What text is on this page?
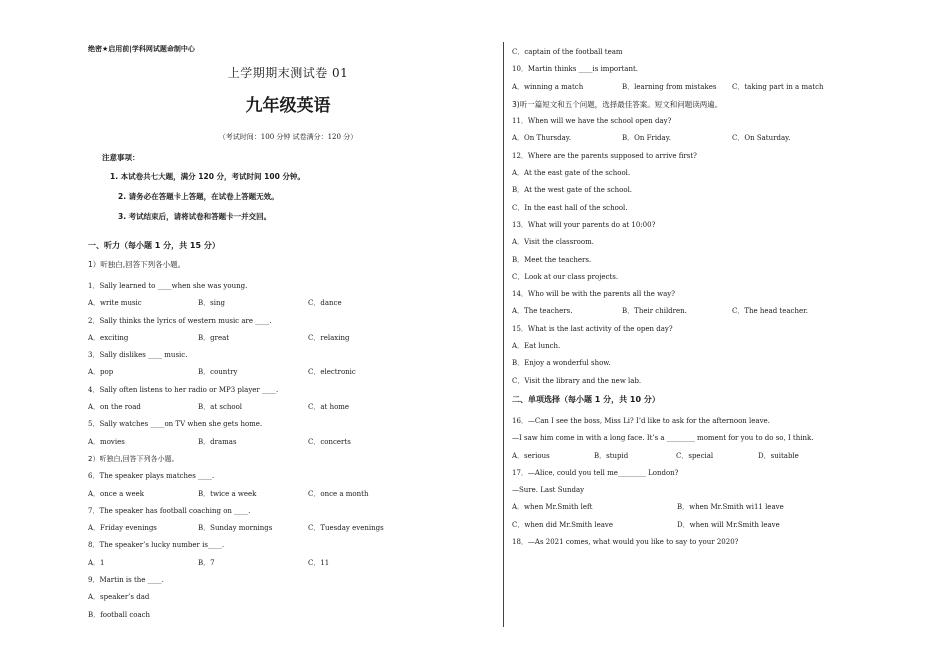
绝密★启用前|学科网试题命制中心
上学期期末测试卷 01
九年级英语
（考试时间：100 分钟 试卷满分：120 分）
注意事项：
1. 本试卷共七大题，满分 120 分，考试时间 100 分钟。
2. 请务必在答题卡上答题，在试卷上答题无效。
3. 考试结束后，请将试卷和答题卡一并交回。
一、听力（每小题 1 分，共 15 分）
1）听独白,回答下列各小题。
1．Sally learned to ____when she was young.
A．write music	B．sing	C．dance
2．Sally thinks the lyrics of western music are ____.
A．exciting	B．great	C．relaxing
3．Sally dislikes ____ music.
A．pop	B．country	C．electronic
4．Sally often listens to her radio or MP3 player ____.
A．on the road	B．at school	C．at home
5．Sally watches ____on TV when she gets home.
A．movies	B．dramas	C．concerts
2）听独白,回答下列各小题。
6．The speaker plays matches ____.
A．once a week	B．twice a week	C．once a month
7．The speaker has football coaching on ____.
A．Friday evenings	B．Sunday mornings	C．Tuesday evenings
8．The speaker’s lucky number is____.
A．1	B．7	C．11
9．Martin is the ____.
A．speaker’s dad
B．football coach
C．captain of the football team
10．Martin thinks ____is important.
A．winning a match	B．learning from mistakes	C．taking part in a match
3)听一篇短文和五个问题，选择最佳答案。短文和问题读两遍。
11．When will we have the school open day?
A．On Thursday.	B．On Friday.	C．On Saturday.
12．Where are the parents supposed to arrive first?
A．At the east gate of the school.
B．At the west gate of the school.
C．In the east hall of the school.
13．What will your parents do at 10:00?
A．Visit the classroom.
B．Meet the teachers.
C．Look at our class projects.
14．Who will be with the parents all the way?
A．The teachers.	B．Their children.	C．The head teacher.
15．What is the last activity of the open day?
A．Eat lunch.
B．Enjoy a wonderful show.
C．Visit the library and the new lab.
二、单项选择（每小题 1 分，共 10 分）
16．—Can I see the boss, Miss Li? I’d like to ask for the afternoon leave.
—I saw him come in with a long face. It’s a ________ moment for you to do so, I think.
A．serious	B．stupid	C．special	D．suitable
17．—Alice, could you tell me________ London?
—Sure. Last Sunday
A．when Mr.Smith left	B．when Mr.Smith wi11 leave
C．when did Mr.Smith leave	D．when will Mr.Smith leave
18．—As 2021 comes, what would you like to say to your 2020?
